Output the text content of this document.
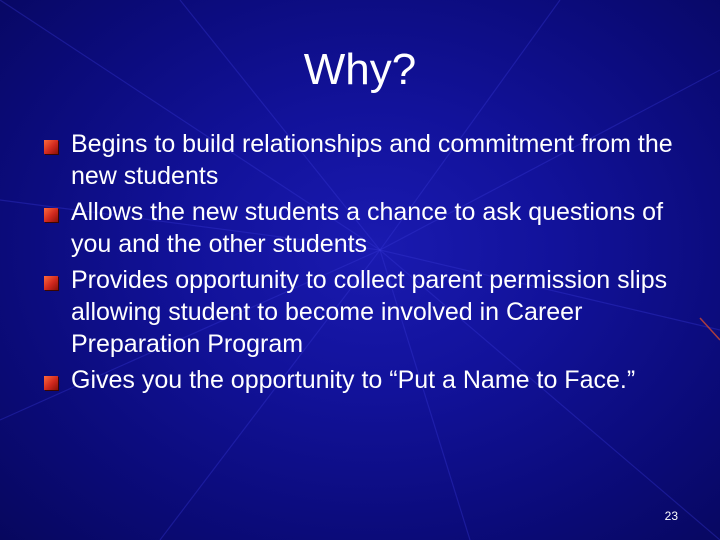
Why?
Begins to build relationships and commitment from the new students
Allows the new students a chance to ask questions of you and the other students
Provides opportunity to collect parent permission slips allowing student to become involved in Career Preparation Program
Gives you the opportunity to “Put a Name to Face.”
23
